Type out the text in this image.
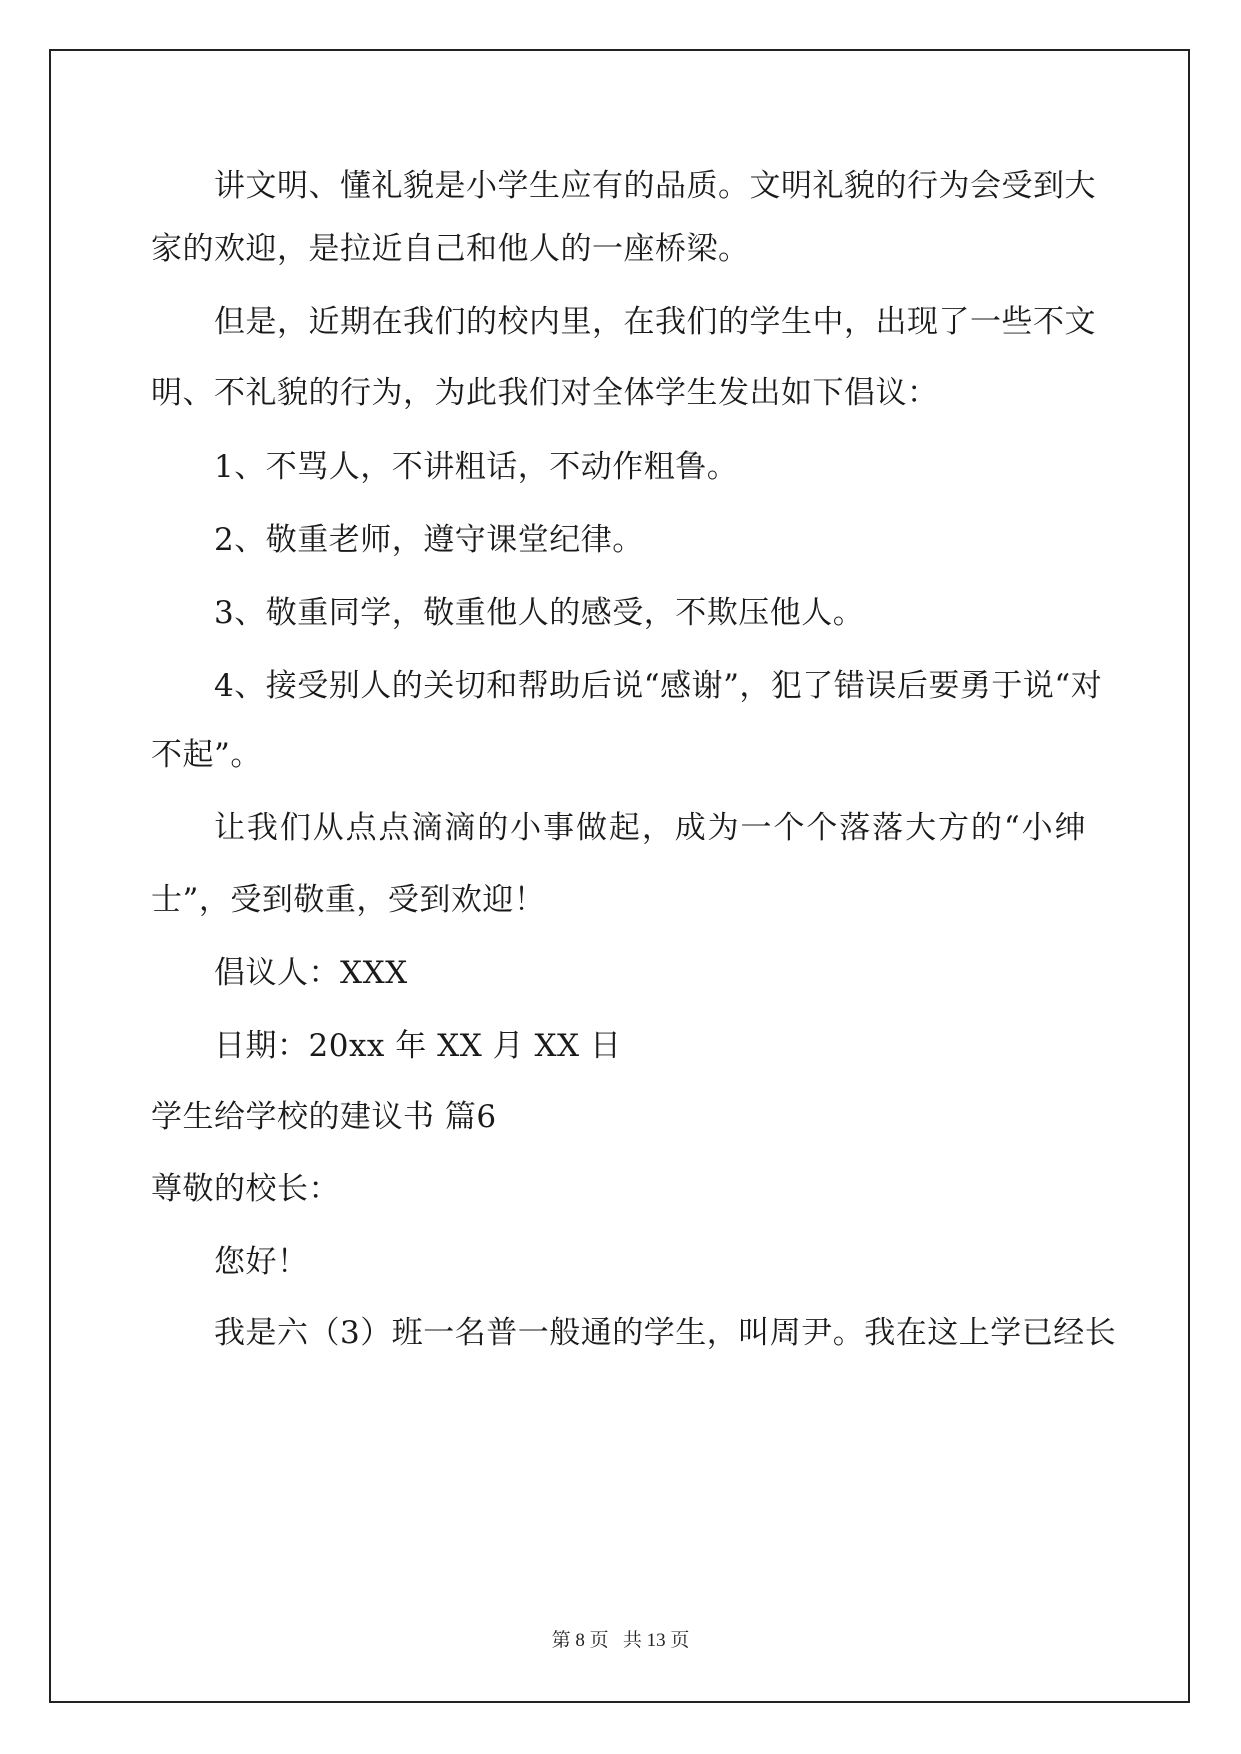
讲文明、懂礼貌是小学生应有的品质。文明礼貌的行为会受到大
家的欢迎，是拉近自己和他人的一座桥梁。
但是，近期在我们的校内里，在我们的学生中，出现了一些不文
明、不礼貌的行为，为此我们对全体学生发出如下倡议：
1、不骂人，不讲粗话，不动作粗鲁。
2、敬重老师，遵守课堂纪律。
3、敬重同学，敬重他人的感受，不欺压他人。
4、接受别人的关切和帮助后说“感谢”，犯了错误后要勇于说“对
不起”。
让我们从点点滴滴的小事做起，成为一个个落落大方的“小绅
士”，受到敬重，受到欢迎！
倡议人：XXX
日期：20xx 年 XX 月 XX 日
学生给学校的建议书 篇6
尊敬的校长：
您好！
我是六（3）班一名普一般通的学生，叫周尹。我在这上学已经长
第 8 页   共 13 页
